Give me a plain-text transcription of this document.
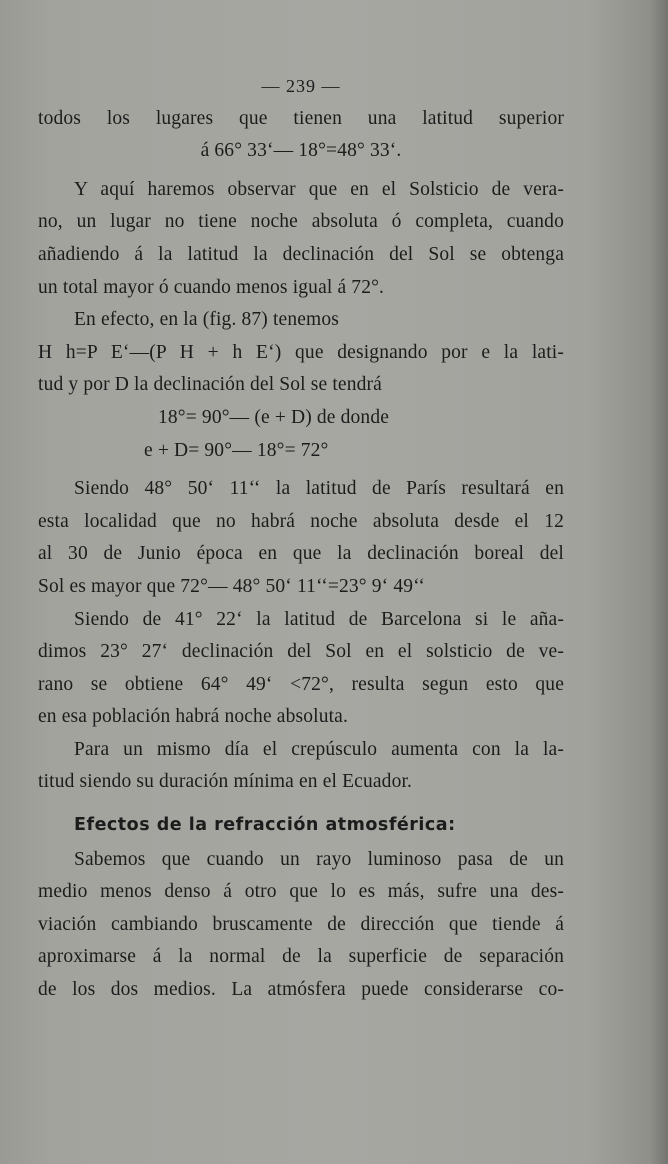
— 239 —
todos los lugares que tienen una latitud superior
á 66° 33‘— 18°=48° 33‘.
Y aquí haremos observar que en el Solsticio de vera-
no, un lugar no tiene noche absoluta ó completa, cuando
añadiendo á la latitud la declinación del Sol se obtenga
un total mayor ó cuando menos igual á 72°.
En efecto, en la (fig. 87) tenemos
H h=P E‘—(P H + h E‘) que designando por e la lati-
tud y por D la declinación del Sol se tendrá
18°= 90°— (e + D) de donde
e + D= 90°— 18°= 72°
Siendo 48° 50‘ 11‘‘ la latitud de París resultará en
esta localidad que no habrá noche absoluta desde el 12
al 30 de Junio época en que la declinación boreal del
Sol es mayor que 72°— 48° 50‘ 11‘‘=23° 9‘ 49‘‘
Siendo de 41° 22‘ la latitud de Barcelona si le aña-
dimos 23° 27‘ declinación del Sol en el solsticio de ve-
rano se obtiene 64° 49‘ <72°, resulta segun esto que
en esa población habrá noche absoluta.
Para un mismo día el crepúsculo aumenta con la la-
titud siendo su duración mínima en el Ecuador.
Efectos de la refracción atmosférica:
Sabemos que cuando un rayo luminoso pasa de un
medio menos denso á otro que lo es más, sufre una des-
viación cambiando bruscamente de dirección que tiende á
aproximarse á la normal de la superficie de separación
de los dos medios. La atmósfera puede considerarse co-
